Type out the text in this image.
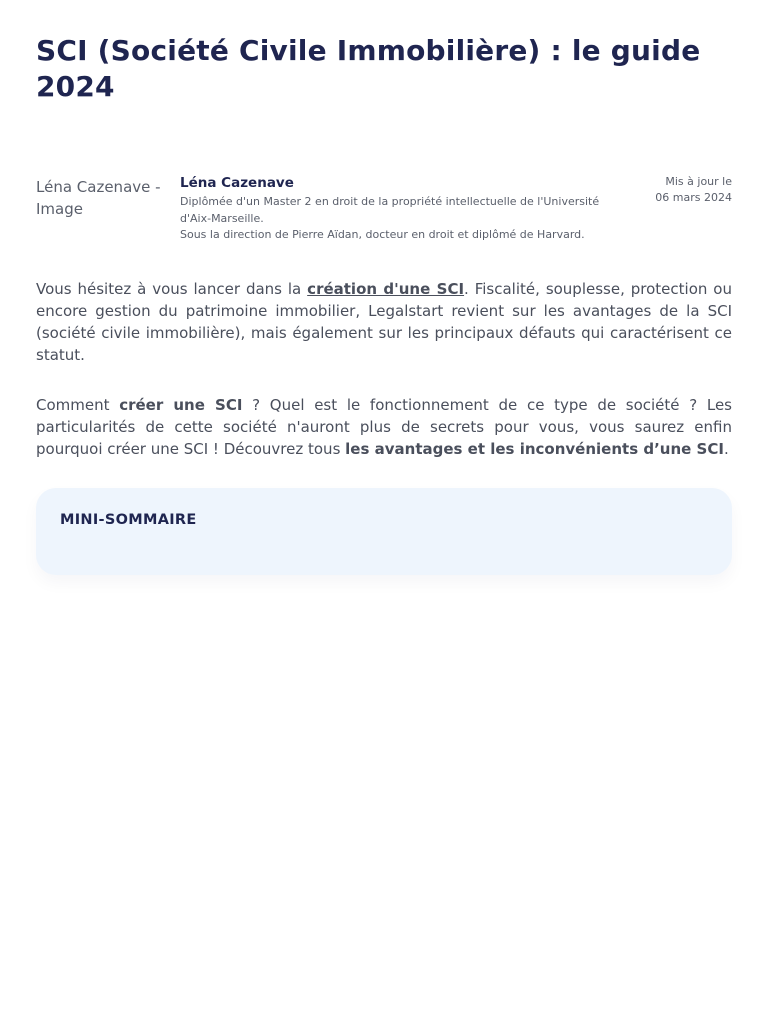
SCI (Société Civile Immobilière) : le guide 2024
Léna Cazenave - Image
Léna Cazenave
Diplômée d'un Master 2 en droit de la propriété intellectuelle de l'Université d'Aix-Marseille.
Sous la direction de Pierre Aïdan, docteur en droit et diplômé de Harvard.
Mis à jour le
06 mars 2024

Vous hésitez à vous lancer dans la création d'une SCI. Fiscalité, souplesse, protection ou encore gestion du patrimoine immobilier, Legalstart revient sur les avantages de la SCI (société civile immobilière), mais également sur les principaux défauts qui caractérisent ce statut.

Comment créer une SCI ? Quel est le fonctionnement de ce type de société ? Les particularités de cette société n'auront plus de secrets pour vous, vous saurez enfin pourquoi créer une SCI ! Découvrez tous les avantages et les inconvénients d’une SCI.

MINI-SOMMAIRE
